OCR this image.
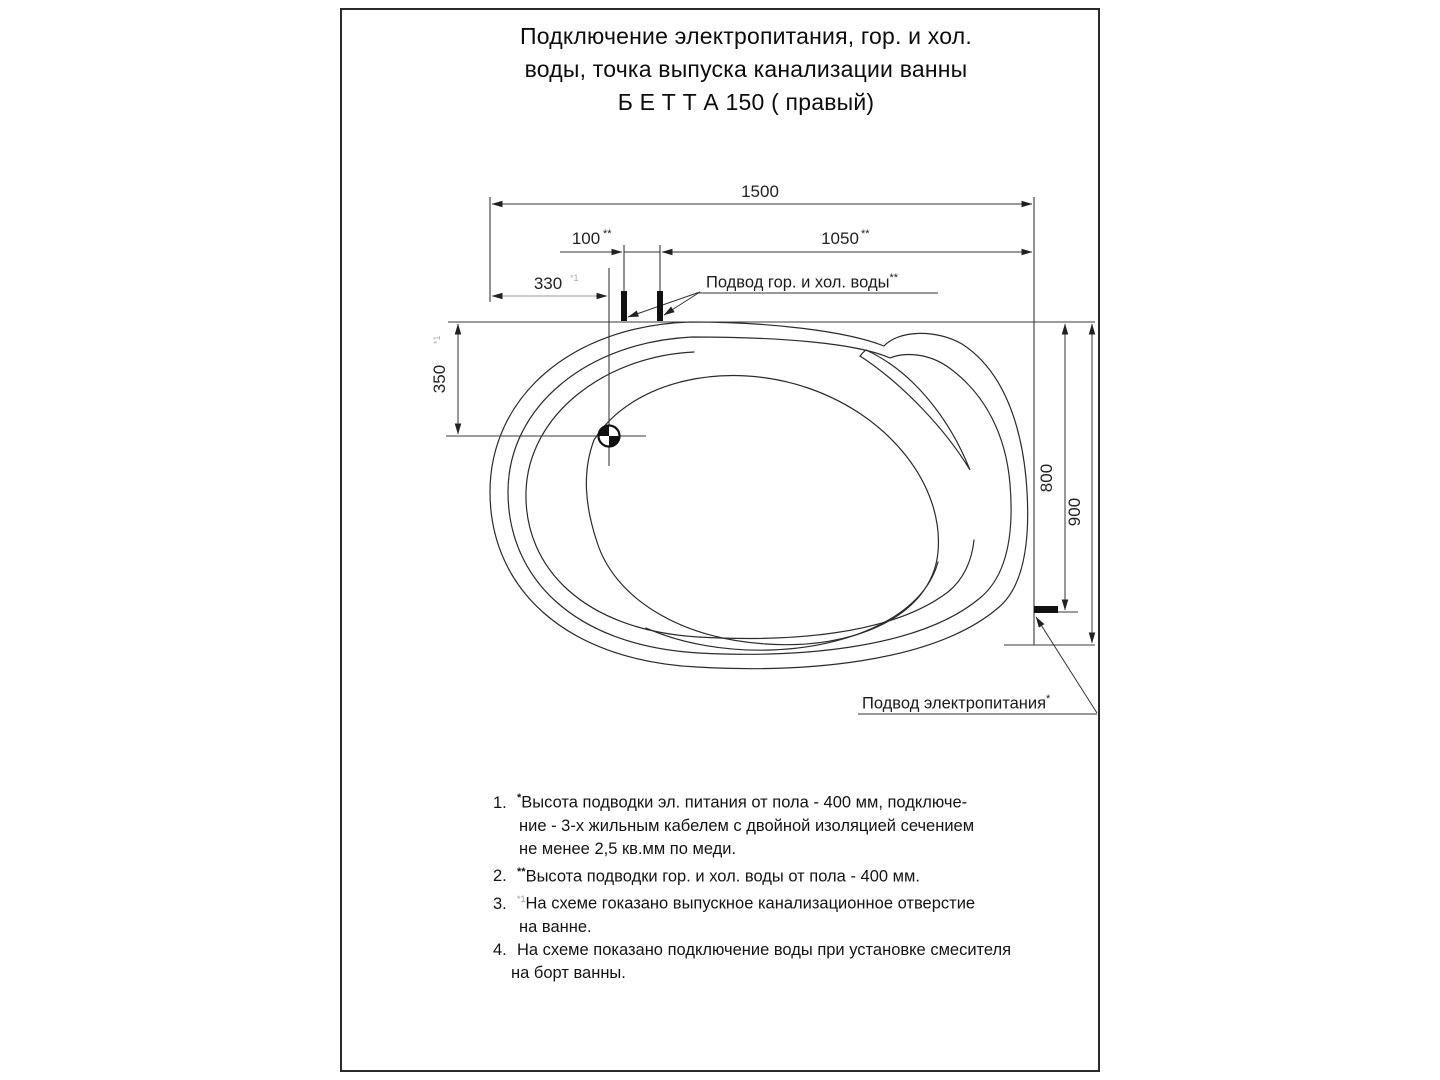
Подключение электропитания, гор. и хол.
воды, точка выпуска канализации ванны
Б Е Т Т А 150 ( правый)
1500
100 **	1050 **
330 *1
350
*1
800
900
Подвод гор. и хол. воды**
Подвод электропитания*
1. *Высота подводки эл. питания от пола - 400 мм, подключе-
ние - 3-х жильным кабелем с двойной изоляцией сечением
не менее 2,5 кв.мм по меди.
2. **Высота подводки гор. и хол. воды от пола - 400 мм.
3. $^{*1}$На схеме гоказано выпускное канализационное отверстие
на ванне.
4. На схеме показано подключение воды при установке смесителя
на борт ванны.
